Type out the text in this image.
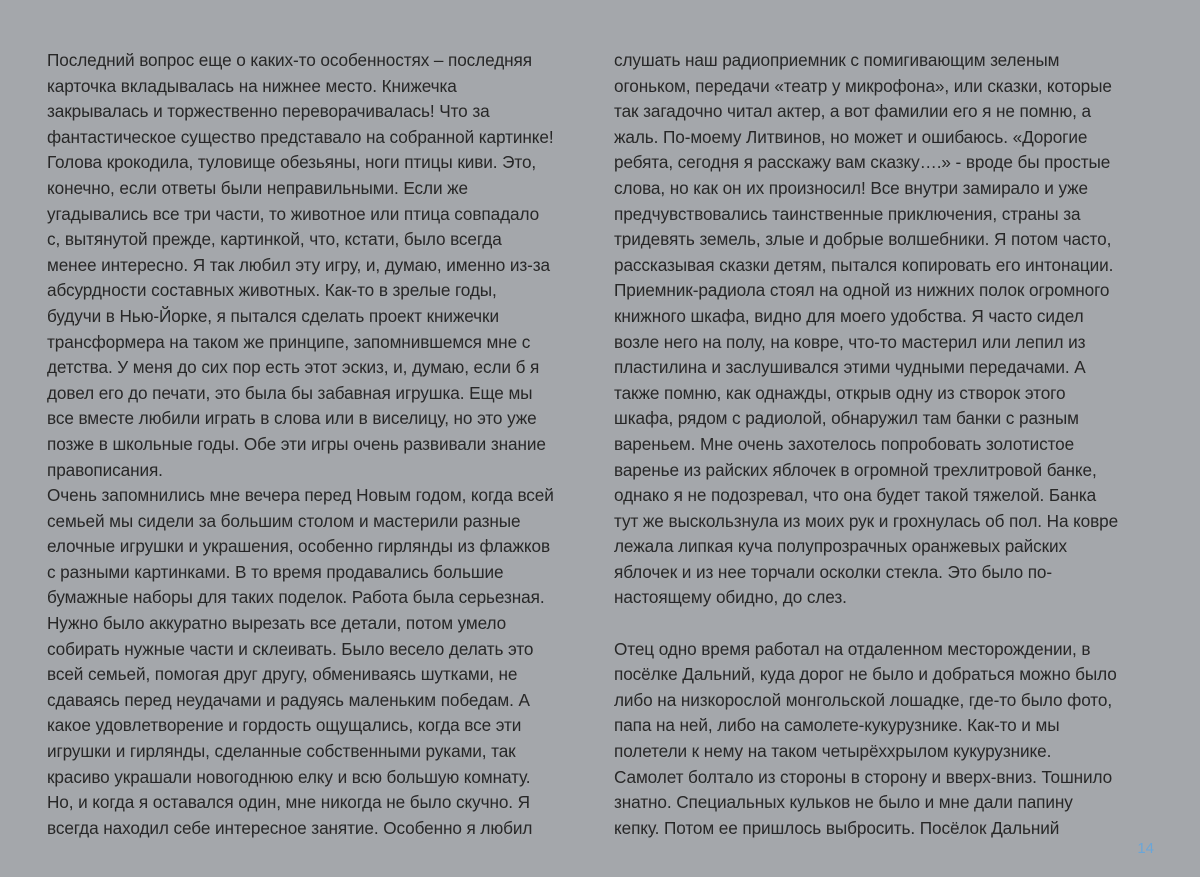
Последний вопрос еще о каких-то особенностях – последняя
карточка вкладывалась на нижнее место. Книжечка
закрывалась и торжественно переворачивалась! Что за
фантастическое существо представало на собранной картинке!
Голова крокодила, туловище обезьяны, ноги птицы киви. Это,
конечно, если ответы были неправильными. Если же
угадывались все три части, то животное или птица совпадало
с, вытянутой прежде, картинкой, что, кстати, было всегда
менее интересно. Я так любил эту игру, и, думаю, именно из-за
абсурдности составных животных. Как-то в зрелые годы,
будучи в Нью-Йорке, я пытался сделать проект книжечки
трансформера на таком же принципе, запомнившемся мне с
детства. У меня до сих пор есть этот эскиз, и, думаю, если б я
довел его до печати, это была бы забавная игрушка. Еще мы
все вместе любили играть в слова или в виселицу, но это уже
позже в школьные годы. Обе эти игры очень развивали знание
правописания.
Очень запомнились мне вечера перед Новым годом, когда всей
семьей мы сидели за большим столом и мастерили разные
елочные игрушки и украшения, особенно гирлянды из флажков
с разными картинками. В то время продавались большие
бумажные наборы для таких поделок. Работа была серьезная.
Нужно было аккуратно вырезать все детали, потом умело
собирать нужные части и склеивать. Было весело делать это
всей семьей, помогая друг другу, обмениваясь шутками, не
сдаваясь перед неудачами и радуясь маленьким победам. А
какое удовлетворение и гордость ощущались, когда все эти
игрушки и гирлянды, сделанные собственными руками, так
красиво украшали новогоднюю елку и всю большую комнату.
Но, и когда я оставался один, мне никогда не было скучно. Я
всегда находил себе интересное занятие. Особенно я любил
слушать наш радиоприемник с помигивающим зеленым
огоньком, передачи «театр у микрофона», или сказки, которые
так загадочно читал актер, а вот фамилии его я не помню, а
жаль. По-моему Литвинов, но может и ошибаюсь. «Дорогие
ребята, сегодня я расскажу вам сказку….» - вроде бы простые
слова, но как он их произносил! Все внутри замирало и уже
предчувствовались таинственные приключения, страны за
тридевять земель, злые и добрые волшебники. Я потом часто,
рассказывая сказки детям, пытался копировать его интонации.
Приемник-радиола стоял на одной из нижних полок огромного
книжного шкафа, видно для моего удобства. Я часто сидел
возле него на полу, на ковре, что-то мастерил или лепил из
пластилина и заслушивался этими чудными передачами. А
также помню, как однажды, открыв одну из створок этого
шкафа, рядом с радиолой, обнаружил там банки с разным
вареньем. Мне очень захотелось попробовать золотистое
варенье из райских яблочек в огромной трехлитровой банке,
однако я не подозревал, что она будет такой тяжелой. Банка
тут же выскользнула из моих рук и грохнулась об пол. На ковре
лежала липкая куча полупрозрачных оранжевых райских
яблочек и из нее торчали осколки стекла. Это было по-
настоящему обидно, до слез.
Отец одно время работал на отдаленном месторождении, в
посёлке Дальний, куда дорог не было и добраться можно было
либо на низкорослой монгольской лошадке, где-то было фото,
папа на ней, либо на самолете-кукурузнике. Как-то и мы
полетели к нему на таком четырёххрылом кукурузнике.
Самолет болтало из стороны в сторону и вверх-вниз. Тошнило
знатно. Специальных кульков не было и мне дали папину
кепку. Потом ее пришлось выбросить. Посёлок Дальний
14
